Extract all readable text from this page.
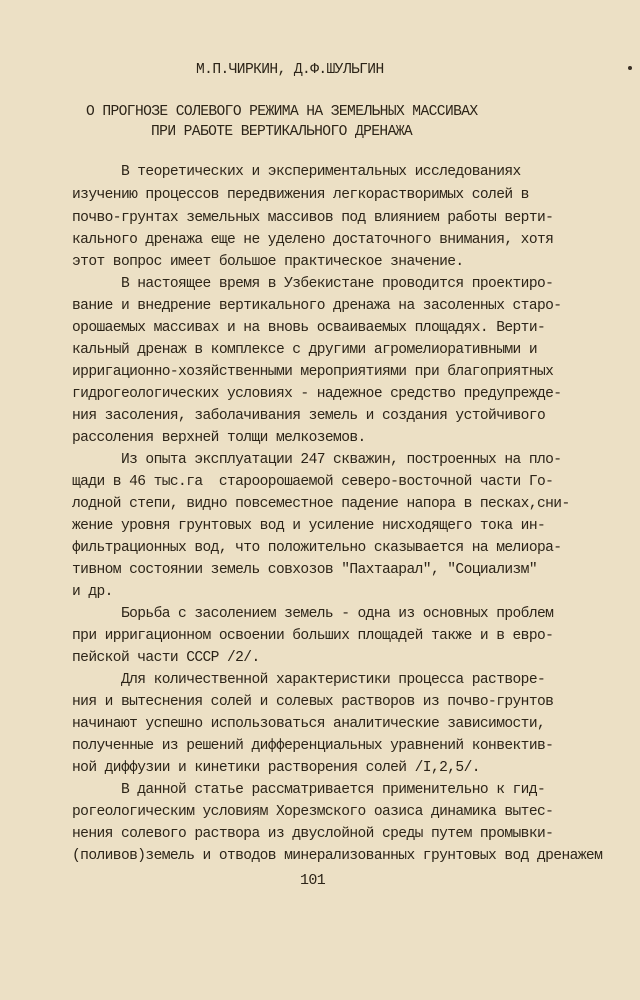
М.П.ЧИРКИН, Д.Ф.ШУЛЬГИН
О ПРОГНОЗЕ СОЛЕВОГО РЕЖИМА НА ЗЕМЕЛЬНЫХ МАССИВАХ
ПРИ РАБОТЕ ВЕРТИКАЛЬНОГО ДРЕНАЖА
В теоретических и экспериментальных исследованиях
изучению процессов передвижения легкорастворимых солей в
почво-грунтах земельных массивов под влиянием работы верти-
кального дренажа еще не уделено достаточного внимания, хотя
этот вопрос имеет большое практическое значение.
В настоящее время в Узбекистане проводится проектиро-
вание и внедрение вертикального дренажа на засоленных старо-
орошаемых массивах и на вновь осваиваемых площадях. Верти-
кальный дренаж в комплексе с другими агромелиоративными и
ирригационно-хозяйственными мероприятиями при благоприятных
гидрогеологических условиях - надежное средство предупрежде-
ния засоления, заболачивания земель и создания устойчивого
рассоления верхней толщи мелкоземов.
Из опыта эксплуатации 247 скважин, построенных на пло-
щади в 46 тыс.га  староорошаемой северо-восточной части Го-
лодной степи, видно повсеместное падение напора в песках,сни-
жение уровня грунтовых вод и усиление нисходящего тока ин-
фильтрационных вод, что положительно сказывается на мелиора-
тивном состоянии земель совхозов "Пахтаарал", "Социализм"
и др.
Борьба с засолением земель - одна из основных проблем
при ирригационном освоении больших площадей также и в евро-
пейской части СССР /2/.
Для количественной характеристики процесса растворе-
ния и вытеснения солей и солевых растворов из почво-грунтов
начинают успешно использоваться аналитические зависимости,
полученные из решений дифференциальных уравнений конвектив-
ной диффузии и кинетики растворения солей /I,2,5/.
В данной статье рассматривается применительно к гид-
рогеологическим условиям Хорезмского оазиса динамика вытес-
нения солевого раствора из двуслойной среды путем промывки-
(поливов)земель и отводов минерализованных грунтовых вод дренажем
101
